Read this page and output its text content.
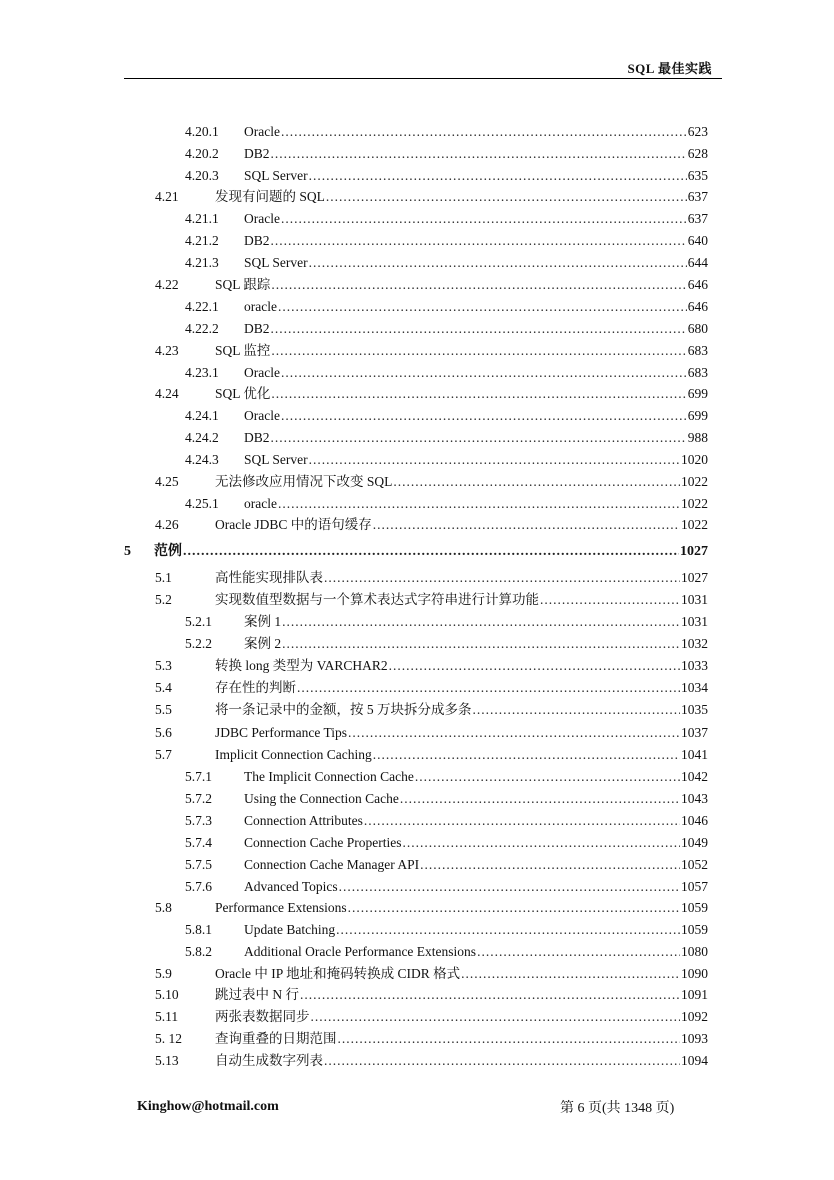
SQL 最佳实践
4.20.1	Oracle .....	623
4.20.2	DB2 .....	628
4.20.3	SQL Server .....	635
4.21	发现有问题的 SQL .....	637
4.21.1	Oracle .....	637
4.21.2	DB2 .....	640
4.21.3	SQL Server .....	644
4.22	SQL 跟踪 .....	646
4.22.1	oracle .....	646
4.22.2	DB2 .....	680
4.23	SQL 监控 .....	683
4.23.1	Oracle .....	683
4.24	SQL 优化 .....	699
4.24.1	Oracle .....	699
4.24.2	DB2 .....	988
4.24.3	SQL Server .....	1020
4.25	无法修改应用情况下改变 SQL .....	1022
4.25.1	oracle .....	1022
4.26	Oracle JDBC 中的语句缓存 .....	1022
5	范例 .....	1027
5.1	高性能实现排队表 .....	1027
5.2	实现数值型数据与一个算术表达式字符串进行计算功能 .....	1031
5.2.1	案例 1 .....	1031
5.2.2	案例 2 .....	1032
5.3	转换 long 类型为 VARCHAR2 .....	1033
5.4	存在性的判断 .....	1034
5.5	将一条记录中的金额，按 5 万块拆分成多条 .....	1035
5.6	JDBC Performance Tips .....	1037
5.7	Implicit Connection Caching .....	1041
5.7.1	The Implicit Connection Cache .....	1042
5.7.2	Using the Connection Cache .....	1043
5.7.3	Connection Attributes .....	1046
5.7.4	Connection Cache Properties .....	1049
5.7.5	Connection Cache Manager API .....	1052
5.7.6	Advanced Topics .....	1057
5.8	Performance Extensions .....	1059
5.8.1	Update Batching .....	1059
5.8.2	Additional Oracle Performance Extensions .....	1080
5.9	Oracle 中 IP 地址和掩码转换成 CIDR 格式 .....	1090
5.10	跳过表中 N 行 .....	1091
5.11	两张表数据同步 .....	1092
5. 12	查询重叠的日期范围 .....	1093
5.13	自动生成数字列表 .....	1094
Kinghow@hotmail.com	第 6 页(共 1348 页)
